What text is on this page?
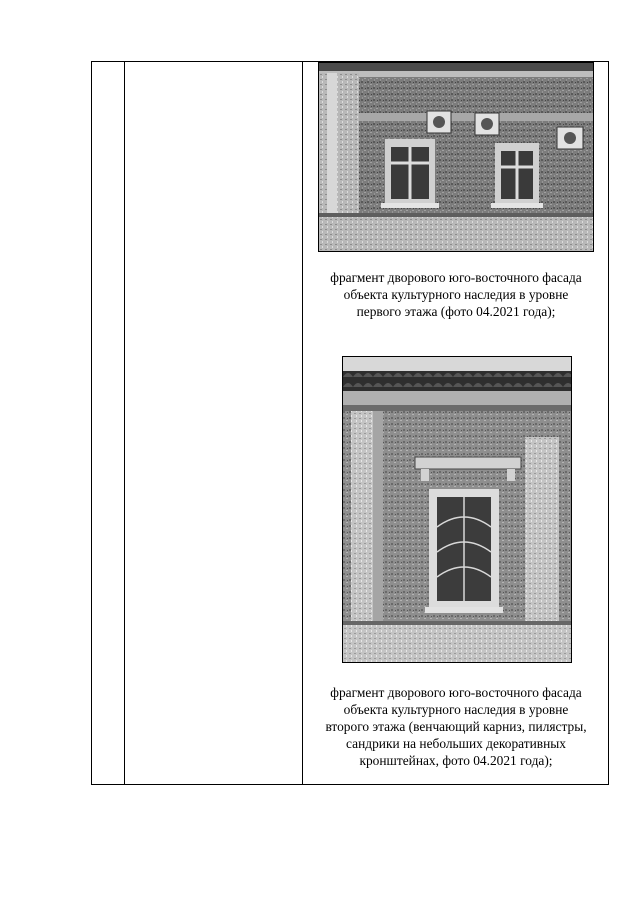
фрагмент дворового юго-восточного фасада
объекта культурного наследия в уровне
первого этажа (фото 04.2021 года);
фрагмент дворового юго-восточного фасада
объекта культурного наследия в уровне
второго этажа (венчающий карниз, пилястры,
сандрики на небольших декоративных
кронштейнах, фото 04.2021 года);
